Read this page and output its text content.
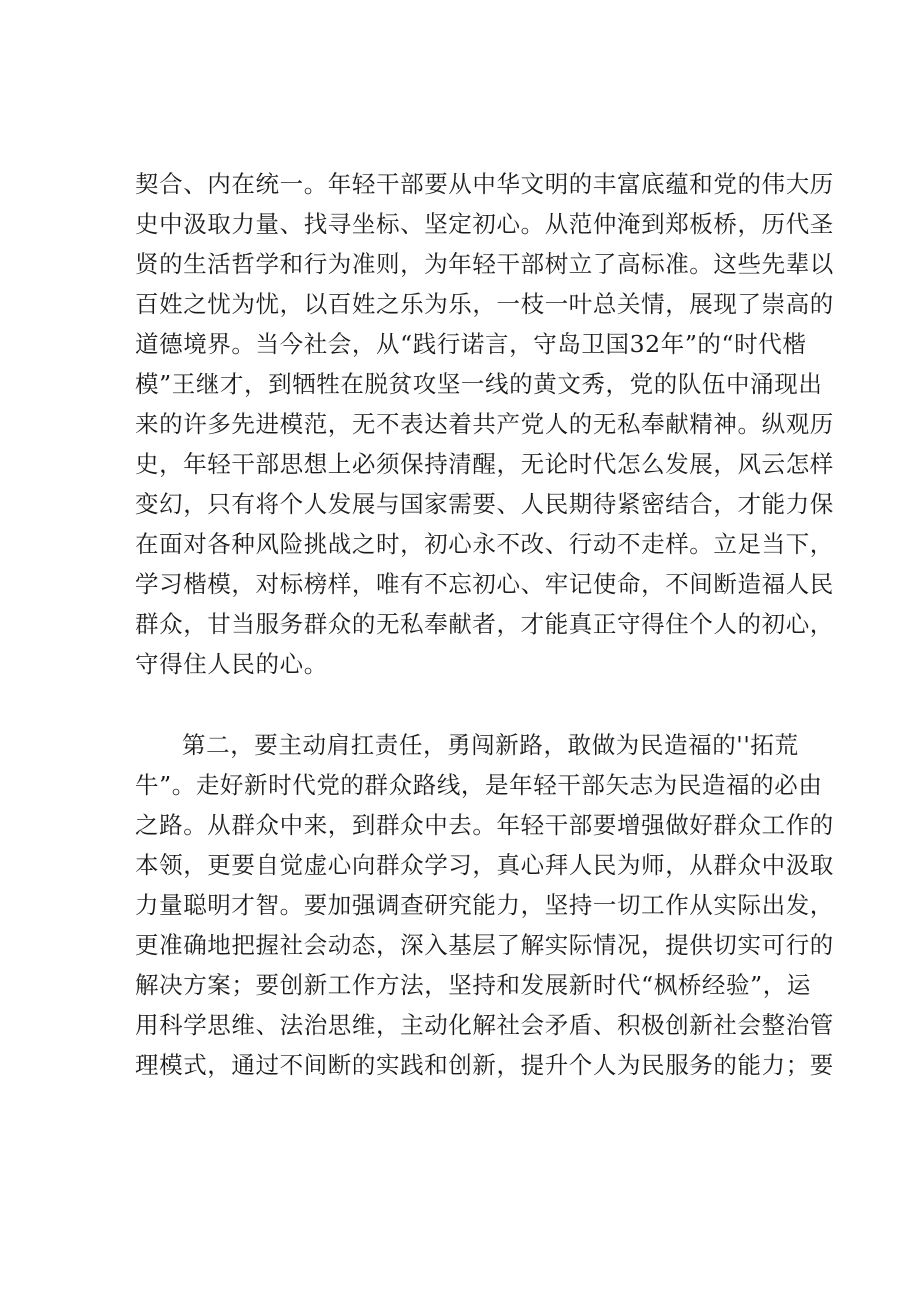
契合、内在统一。年轻干部要从中华文明的丰富底蕴和党的伟大历
史中汲取力量、找寻坐标、坚定初心。从范仲淹到郑板桥，历代圣
贤的生活哲学和行为准则，为年轻干部树立了高标准。这些先辈以
百姓之忧为忧，以百姓之乐为乐，一枝一叶总关情，展现了崇高的
道德境界。当今社会，从“践行诺言，守岛卫国32年”的“时代楷
模”王继才，到牺牲在脱贫攻坚一线的黄文秀，党的队伍中涌现出
来的许多先进模范，无不表达着共产党人的无私奉献精神。纵观历
史，年轻干部思想上必须保持清醒，无论时代怎么发展，风云怎样
变幻，只有将个人发展与国家需要、人民期待紧密结合，才能力保
在面对各种风险挑战之时，初心永不改、行动不走样。立足当下，
学习楷模，对标榜样，唯有不忘初心、牢记使命，不间断造福人民
群众，甘当服务群众的无私奉献者，才能真正守得住个人的初心，
守得住人民的心。
第二，要主动肩扛责任，勇闯新路，敢做为民造福的''拓荒
牛”。走好新时代党的群众路线，是年轻干部矢志为民造福的必由
之路。从群众中来，到群众中去。年轻干部要增强做好群众工作的
本领，更要自觉虚心向群众学习，真心拜人民为师，从群众中汲取
力量聪明才智。要加强调查研究能力，坚持一切工作从实际出发，
更准确地把握社会动态，深入基层了解实际情况，提供切实可行的
解决方案；要创新工作方法，坚持和发展新时代“枫桥经验”，运
用科学思维、法治思维，主动化解社会矛盾、积极创新社会整治管
理模式，通过不间断的实践和创新，提升个人为民服务的能力；要
